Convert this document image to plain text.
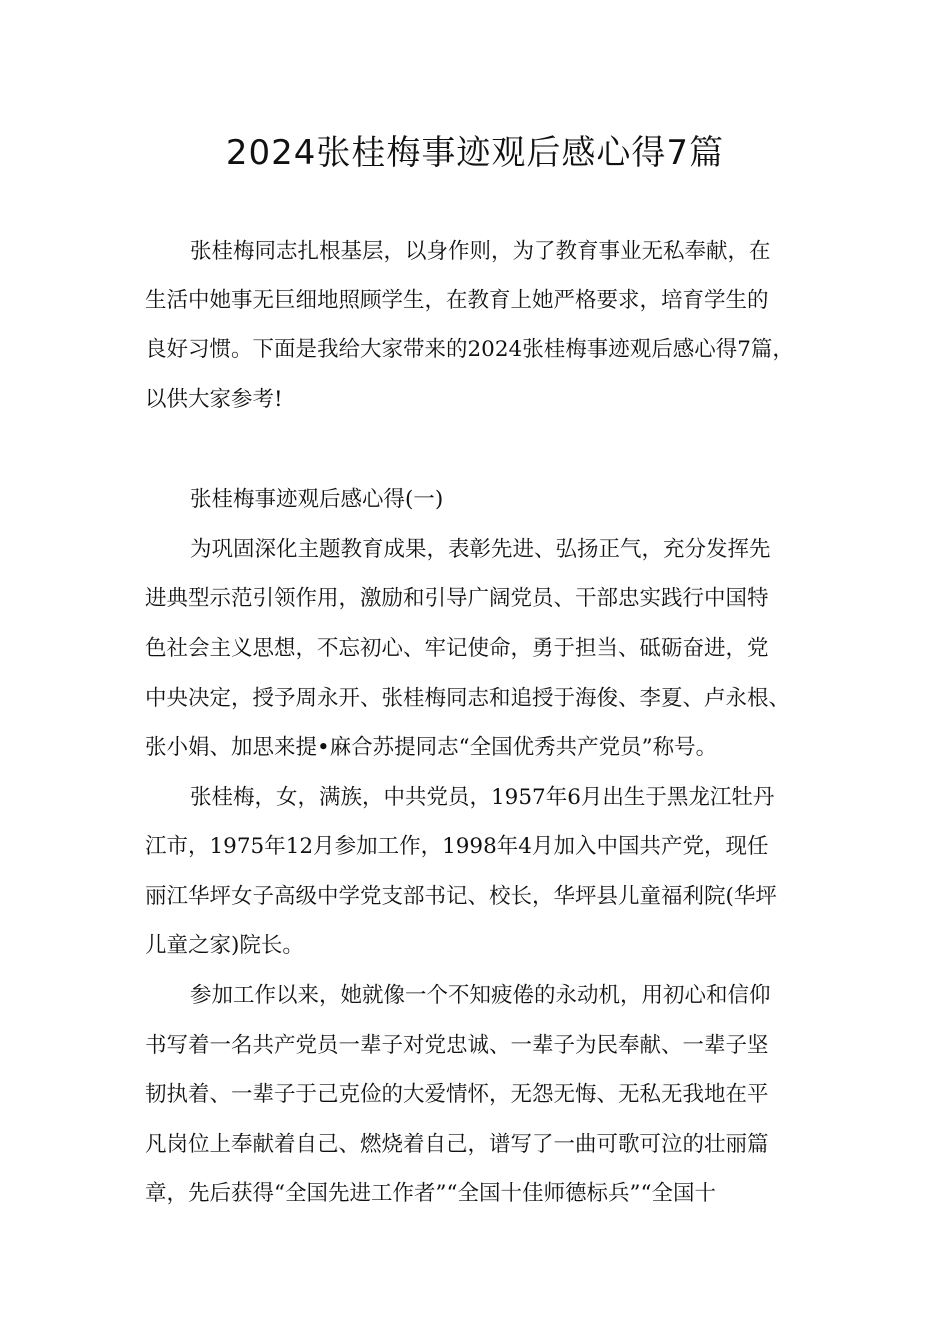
2024张桂梅事迹观后感心得7篇

张桂梅同志扎根基层，以身作则，为了教育事业无私奉献，在

生活中她事无巨细地照顾学生，在教育上她严格要求，培育学生的

良好习惯。下面是我给大家带来的2024张桂梅事迹观后感心得7篇，

以供大家参考!

张桂梅事迹观后感心得(一)

为巩固深化主题教育成果，表彰先进、弘扬正气，充分发挥先

进典型示范引领作用，激励和引导广阔党员、干部忠实践行中国特

色社会主义思想，不忘初心、牢记使命，勇于担当、砥砺奋进，党

中央决定，授予周永开、张桂梅同志和追授于海俊、李夏、卢永根、

张小娟、加思来提•麻合苏提同志“全国优秀共产党员”称号。

张桂梅，女，满族，中共党员，1957年6月出生于黑龙江牡丹

江市，1975年12月参加工作，1998年4月加入中国共产党，现任

丽江华坪女子高级中学党支部书记、校长，华坪县儿童福利院(华坪

儿童之家)院长。

参加工作以来，她就像一个不知疲倦的永动机，用初心和信仰

书写着一名共产党员一辈子对党忠诚、一辈子为民奉献、一辈子坚

韧执着、一辈子于己克俭的大爱情怀，无怨无悔、无私无我地在平

凡岗位上奉献着自己、燃烧着自己，谱写了一曲可歌可泣的壮丽篇

章，先后获得“全国先进工作者”“全国十佳师德标兵”“全国十
